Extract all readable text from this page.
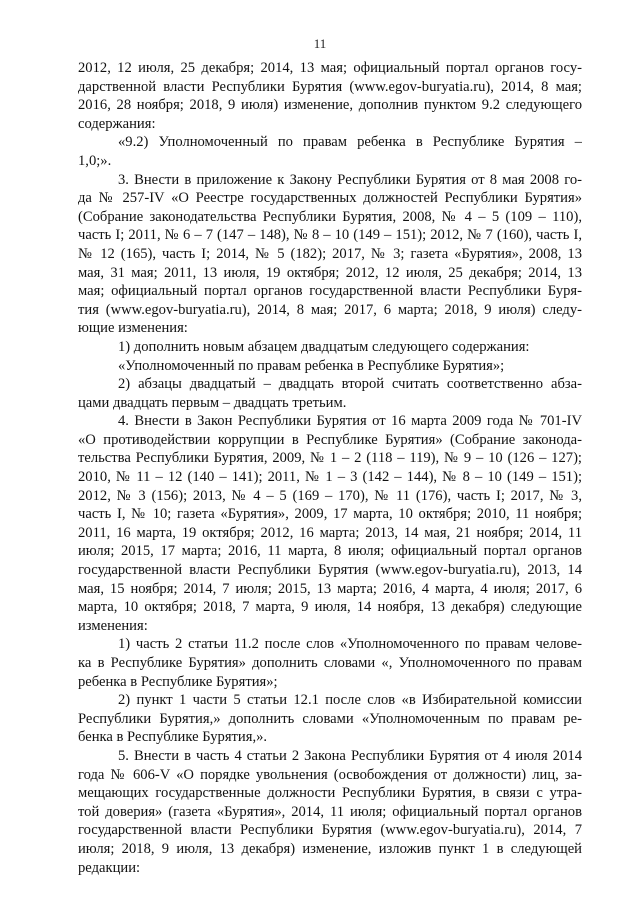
11
2012, 12 июля, 25 декабря; 2014, 13 мая; официальный портал органов госу-
дарственной власти Республики Бурятия (www.egov-buryatia.ru), 2014, 8 мая;
2016, 28 ноября; 2018, 9 июля) изменение, дополнив пунктом 9.2 следующего
содержания:
«9.2) Уполномоченный по правам ребенка в Республике Бурятия –
1,0;».
3. Внести в приложение к Закону Республики Бурятия от 8 мая 2008 го-
да № 257-IV «О Реестре государственных должностей Республики Бурятия»
(Собрание законодательства Республики Бурятия, 2008, № 4 – 5 (109 – 110),
часть I; 2011, № 6 – 7 (147 – 148), № 8 – 10 (149 – 151); 2012, № 7 (160), часть I,
№ 12 (165), часть I; 2014, № 5 (182); 2017, № 3; газета «Бурятия», 2008, 13
мая, 31 мая; 2011, 13 июля, 19 октября; 2012, 12 июля, 25 декабря; 2014, 13
мая; официальный портал органов государственной власти Республики Буря-
тия (www.egov-buryatia.ru), 2014, 8 мая; 2017, 6 марта; 2018, 9 июля) следу-
ющие изменения:
1) дополнить новым абзацем двадцатым следующего содержания:
«Уполномоченный по правам ребенка в Республике Бурятия»;
2) абзацы двадцатый – двадцать второй считать соответственно абза-
цами двадцать первым – двадцать третьим.
4. Внести в Закон Республики Бурятия от 16 марта 2009 года № 701-IV
«О противодействии коррупции в Республике Бурятия» (Собрание законода-
тельства Республики Бурятия, 2009, № 1 – 2 (118 – 119), № 9 – 10 (126 – 127);
2010, № 11 – 12 (140 – 141); 2011, № 1 – 3 (142 – 144), № 8 – 10 (149 – 151);
2012, № 3 (156); 2013, № 4 – 5 (169 – 170), № 11 (176), часть I; 2017, № 3,
часть I, № 10; газета «Бурятия», 2009, 17 марта, 10 октября; 2010, 11 ноября;
2011, 16 марта, 19 октября; 2012, 16 марта; 2013, 14 мая, 21 ноября; 2014, 11
июля; 2015, 17 марта; 2016, 11 марта, 8 июля; официальный портал органов
государственной власти Республики Бурятия (www.egov-buryatia.ru), 2013, 14
мая, 15 ноября; 2014, 7 июля; 2015, 13 марта; 2016, 4 марта, 4 июля; 2017, 6
марта, 10 октября; 2018, 7 марта, 9 июля, 14 ноября, 13 декабря) следующие
изменения:
1) часть 2 статьи 11.2 после слов «Уполномоченного по правам челове-
ка в Республике Бурятия» дополнить словами «, Уполномоченного по правам
ребенка в Республике Бурятия»;
2) пункт 1 части 5 статьи 12.1 после слов «в Избирательной комиссии
Республики Бурятия,» дополнить словами «Уполномоченным по правам ре-
бенка в Республике Бурятия,».
5. Внести в часть 4 статьи 2 Закона Республики Бурятия от 4 июля 2014
года № 606-V «О порядке увольнения (освобождения от должности) лиц, за-
мещающих государственные должности Республики Бурятия, в связи с утра-
той доверия» (газета «Бурятия», 2014, 11 июля; официальный портал органов
государственной власти Республики Бурятия (www.egov-buryatia.ru), 2014, 7
июля; 2018, 9 июля, 13 декабря) изменение, изложив пункт 1 в следующей
редакции:
